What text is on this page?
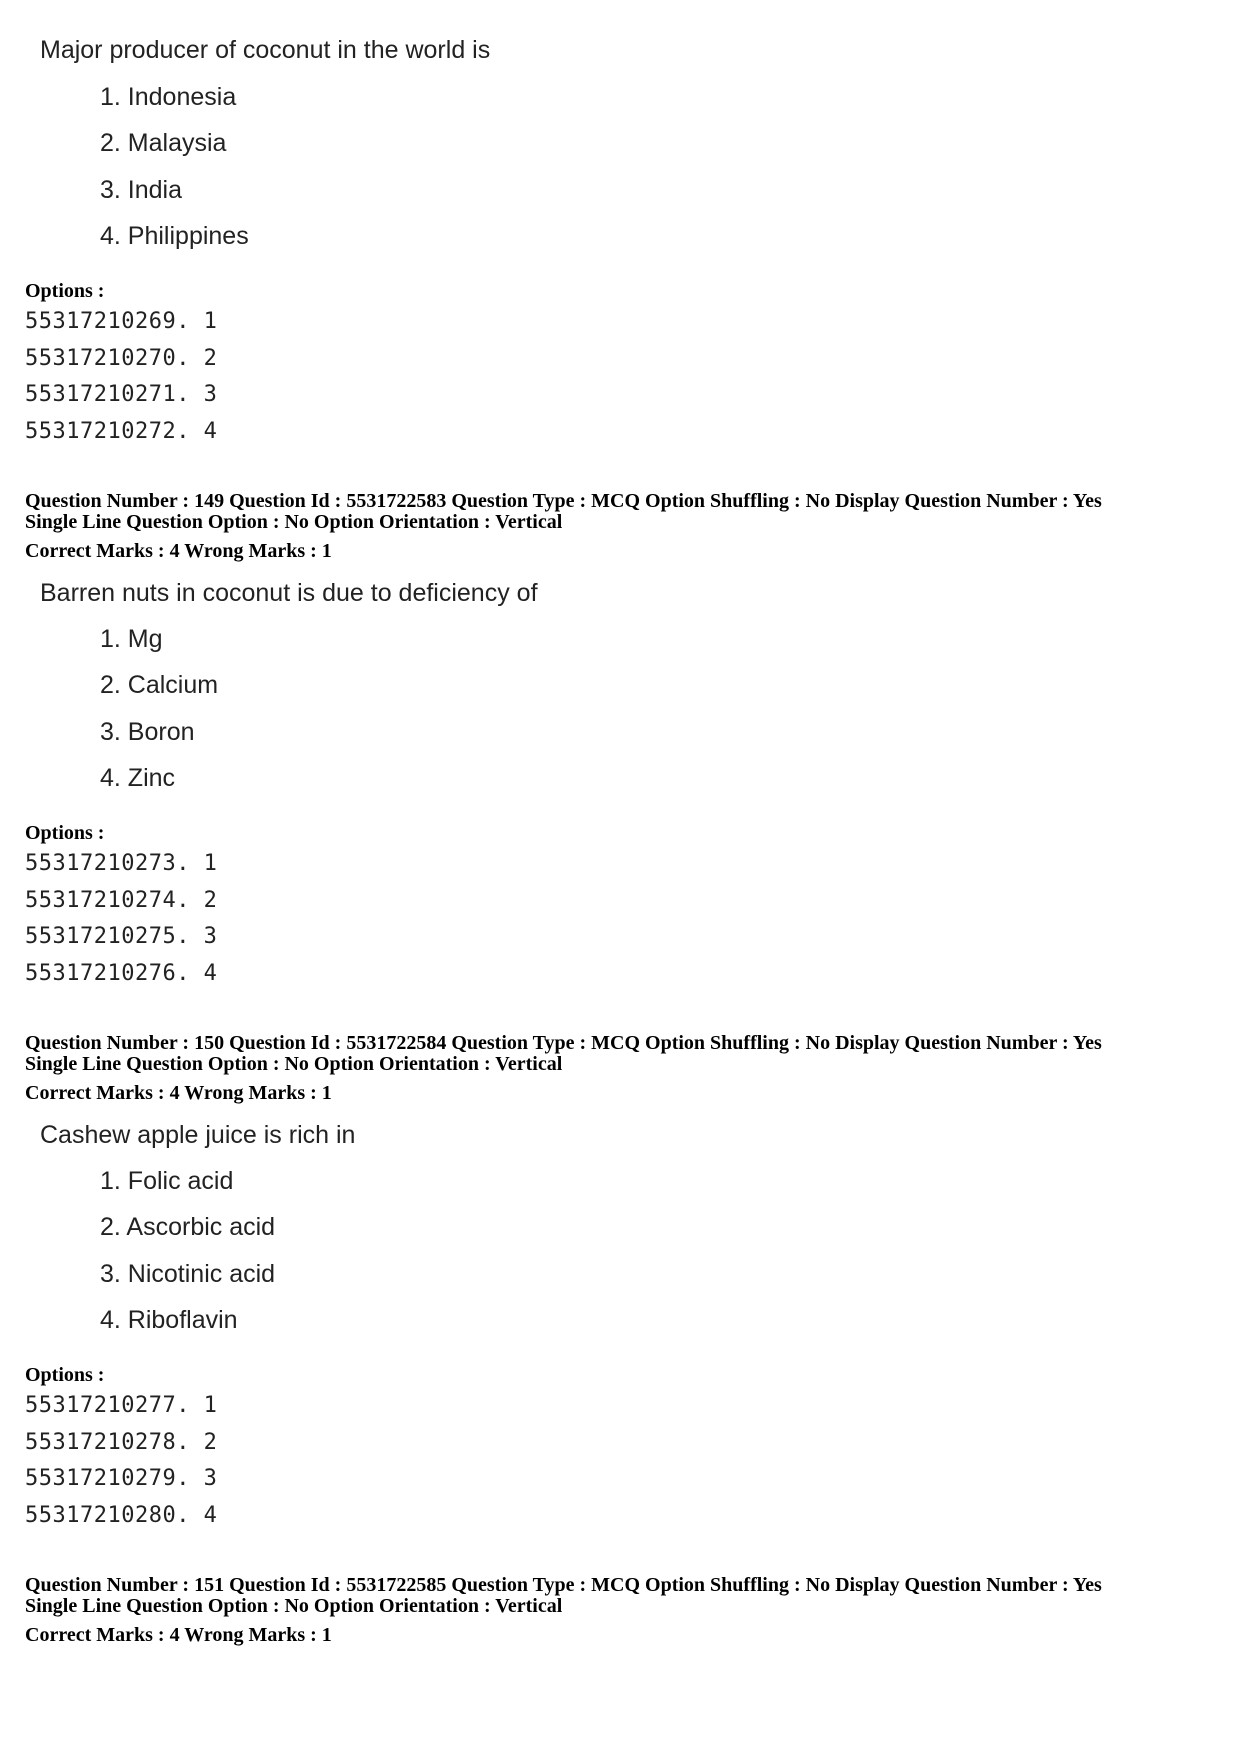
Major producer of coconut in the world is
1. Indonesia
2. Malaysia
3. India
4. Philippines
Options :
55317210269. 1
55317210270. 2
55317210271. 3
55317210272. 4
Question Number : 149 Question Id : 5531722583 Question Type : MCQ Option Shuffling : No Display Question Number : Yes
Single Line Question Option : No Option Orientation : Vertical
Correct Marks : 4 Wrong Marks : 1
Barren nuts in coconut is due to deficiency of
1. Mg
2. Calcium
3. Boron
4. Zinc
Options :
55317210273. 1
55317210274. 2
55317210275. 3
55317210276. 4
Question Number : 150 Question Id : 5531722584 Question Type : MCQ Option Shuffling : No Display Question Number : Yes
Single Line Question Option : No Option Orientation : Vertical
Correct Marks : 4 Wrong Marks : 1
Cashew apple juice is rich in
1. Folic acid
2. Ascorbic acid
3. Nicotinic acid
4. Riboflavin
Options :
55317210277. 1
55317210278. 2
55317210279. 3
55317210280. 4
Question Number : 151 Question Id : 5531722585 Question Type : MCQ Option Shuffling : No Display Question Number : Yes
Single Line Question Option : No Option Orientation : Vertical
Correct Marks : 4 Wrong Marks : 1
